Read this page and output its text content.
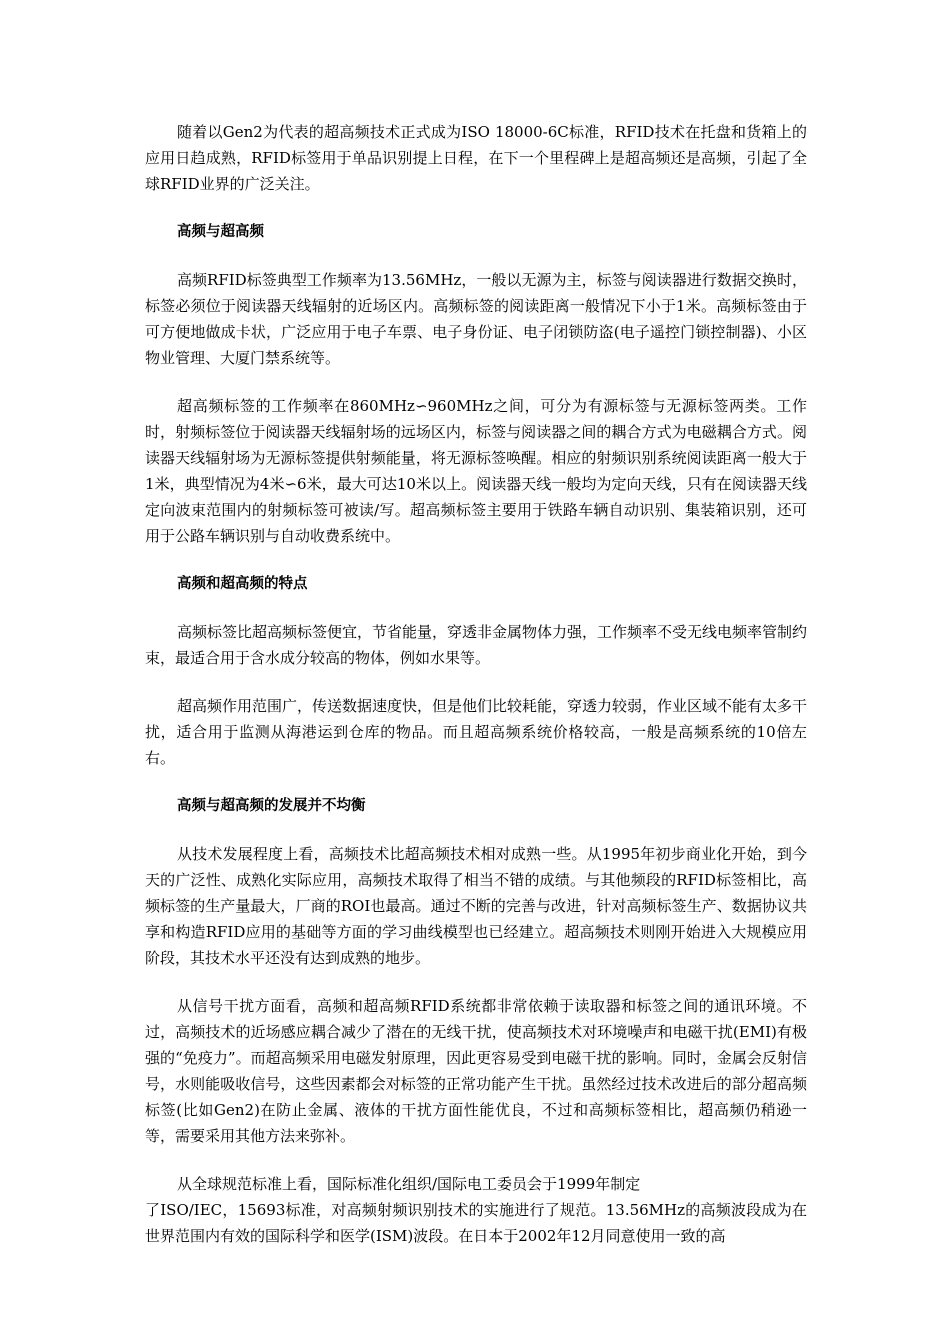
随着以Gen2为代表的超高频技术正式成为ISO 18000-6C标准，RFID技术在托盘和货箱上的应用日趋成熟，RFID标签用于单品识别提上日程，在下一个里程碑上是超高频还是高频，引起了全球RFID业界的广泛关注。

高频与超高频

高频RFID标签典型工作频率为13.56MHz，一般以无源为主，标签与阅读器进行数据交换时，标签必须位于阅读器天线辐射的近场区内。高频标签的阅读距离一般情况下小于1米。高频标签由于可方便地做成卡状，广泛应用于电子车票、电子身份证、电子闭锁防盗(电子遥控门锁控制器)、小区物业管理、大厦门禁系统等。

超高频标签的工作频率在860MHz∽960MHz之间，可分为有源标签与无源标签两类。工作时，射频标签位于阅读器天线辐射场的远场区内，标签与阅读器之间的耦合方式为电磁耦合方式。阅读器天线辐射场为无源标签提供射频能量，将无源标签唤醒。相应的射频识别系统阅读距离一般大于1米，典型情况为4米∽6米，最大可达10米以上。阅读器天线一般均为定向天线，只有在阅读器天线定向波束范围内的射频标签可被读/写。超高频标签主要用于铁路车辆自动识别、集装箱识别，还可用于公路车辆识别与自动收费系统中。

高频和超高频的特点

高频标签比超高频标签便宜，节省能量，穿透非金属物体力强，工作频率不受无线电频率管制约束，最适合用于含水成分较高的物体，例如水果等。

超高频作用范围广，传送数据速度快，但是他们比较耗能，穿透力较弱，作业区域不能有太多干扰，适合用于监测从海港运到仓库的物品。而且超高频系统价格较高，一般是高频系统的10倍左右。

高频与超高频的发展并不均衡

从技术发展程度上看，高频技术比超高频技术相对成熟一些。从1995年初步商业化开始，到今天的广泛性、成熟化实际应用，高频技术取得了相当不错的成绩。与其他频段的RFID标签相比，高频标签的生产量最大，厂商的ROI也最高。通过不断的完善与改进，针对高频标签生产、数据协议共享和构造RFID应用的基础等方面的学习曲线模型也已经建立。超高频技术则刚开始进入大规模应用阶段，其技术水平还没有达到成熟的地步。

从信号干扰方面看，高频和超高频RFID系统都非常依赖于读取器和标签之间的通讯环境。不过，高频技术的近场感应耦合减少了潜在的无线干扰，使高频技术对环境噪声和电磁干扰(EMI)有极强的“免疫力”。而超高频采用电磁发射原理，因此更容易受到电磁干扰的影响。同时，金属会反射信号，水则能吸收信号，这些因素都会对标签的正常功能产生干扰。虽然经过技术改进后的部分超高频标签(比如Gen2)在防止金属、液体的干扰方面性能优良，不过和高频标签相比，超高频仍稍逊一等，需要采用其他方法来弥补。

从全球规范标准上看，国际标准化组织/国际电工委员会于1999年制定
了ISO/IEC，15693标准，对高频射频识别技术的实施进行了规范。13.56MHz的高频波段成为在世界范围内有效的国际科学和医学(ISM)波段。在日本于2002年12月同意使用一致的高
